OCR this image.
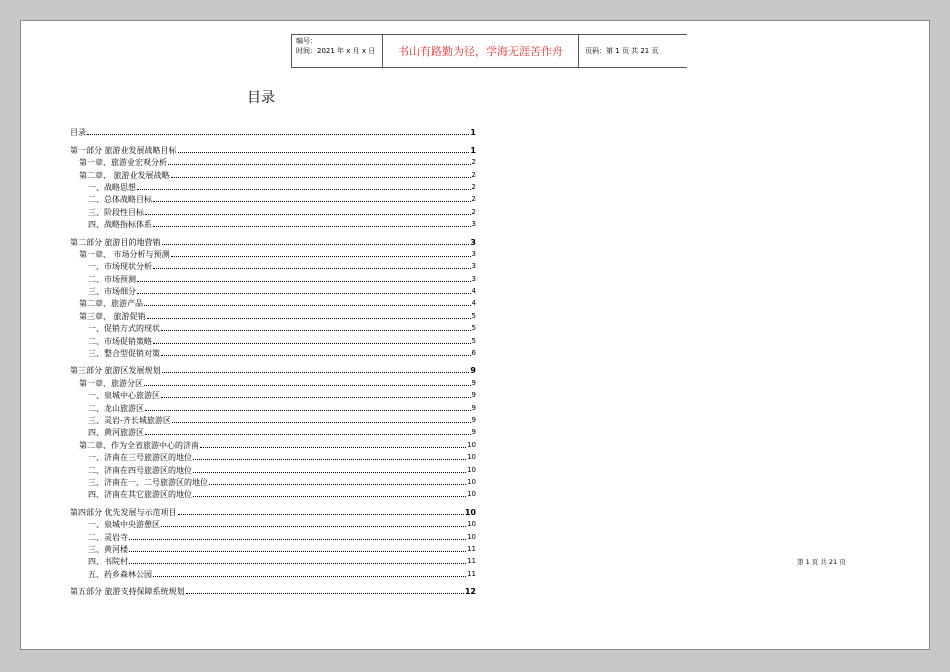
编号：
时间：2021 年 x 月 x 日	书山有路勤为径，学海无涯苦作舟	页码：第 1 页 共 21 页
目录
目录	1
第一部分 旅游业发展战略目标	1
第一章、旅游业宏观分析	2
第二章、 旅游业发展战略	2
一、战略思想	2
二、总体战略目标	2
三、阶段性目标	2
四、战略指标体系	3
第二部分 旅游目的地营销	3
第一章、 市场分析与预测	3
一、市场现状分析	3
二、市场预测	3
三、市场细分	4
第二章、旅游产品	4
第三章、 旅游促销	5
一、促销方式的现状	5
二、市场促销策略	5
三、整合型促销对策	6
第三部分 旅游区发展规划	9
第一章、旅游分区	9
一、泉城中心旅游区	9
二、龙山旅游区	9
三、灵岩-齐长城旅游区	9
四、黄河旅游区	9
第二章、作为全省旅游中心的济南	10
一、济南在三号旅游区的地位	10
二、济南在四号旅游区的地位	10
三、济南在一、二号旅游区的地位	10
四、济南在其它旅游区的地位	10
第四部分 优先发展与示范项目	10
一、泉城中央游憩区	10
二、灵岩寺	10
三、黄河楼	11
四、书院村	11
五、药乡森林公园	11
第五部分 旅游支持保障系统规划	12
第 1 页 共 21 页
